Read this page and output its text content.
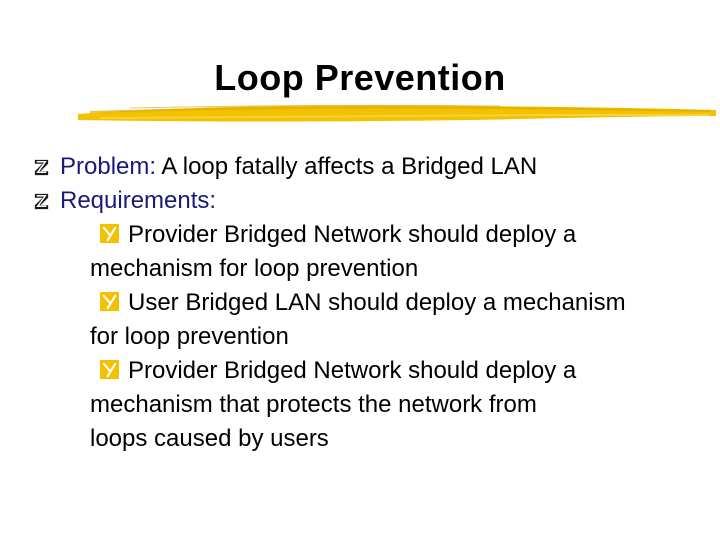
Loop Prevention
Problem: A loop fatally affects a Bridged LAN
Requirements:
Provider Bridged Network should deploy a
mechanism for loop prevention
User Bridged LAN should deploy a mechanism
for loop prevention
Provider Bridged Network should deploy a
mechanism that protects the network from
loops caused by users
